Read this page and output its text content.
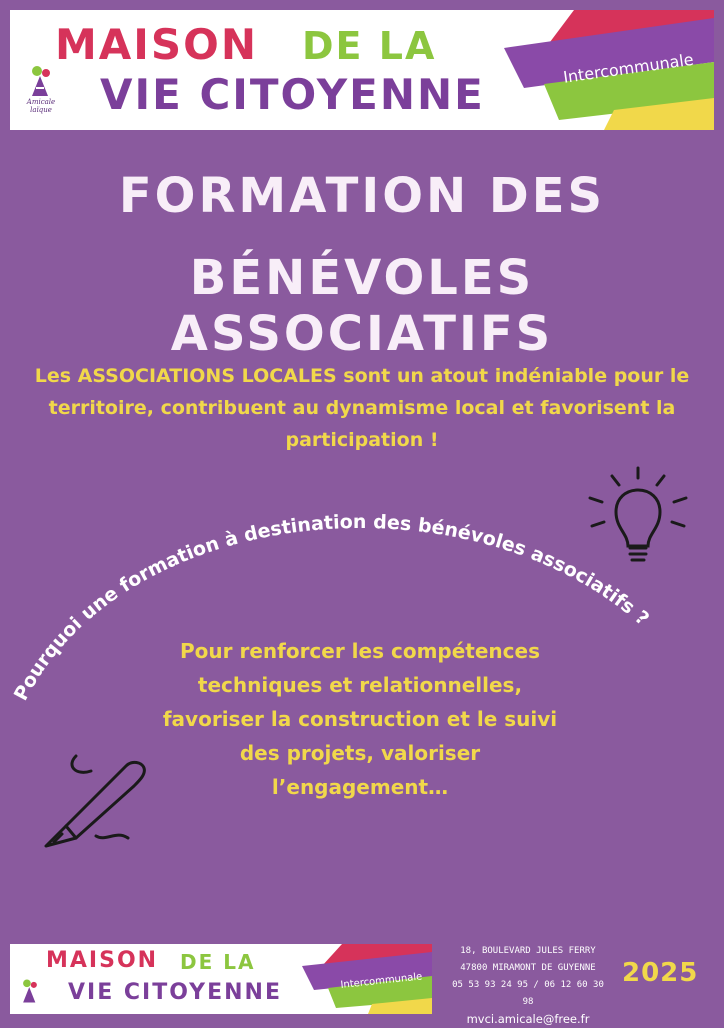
Amicale laïque
MAISON DE LA
VIE CITOYENNE
Intercommunale
FORMATION DES
BÉNÉVOLES ASSOCIATIFS
Les ASSOCIATIONS LOCALES sont un atout indéniable pour le territoire, contribuent au dynamisme local et favorisent la participation !
Pourquoi une formation à destination des bénévoles associatifs ?
Pour renforcer les compétences techniques et relationnelles, favoriser la construction et le suivi des projets, valoriser l’engagement…
MAISON DE LA
VIE CITOYENNE	Intercommunale
18, BOULEVARD JULES FERRY
47800 MIRAMONT DE GUYENNE
05 53 93 24 95 / 06 12 60 30 98
mvci.amicale@free.fr
2025
